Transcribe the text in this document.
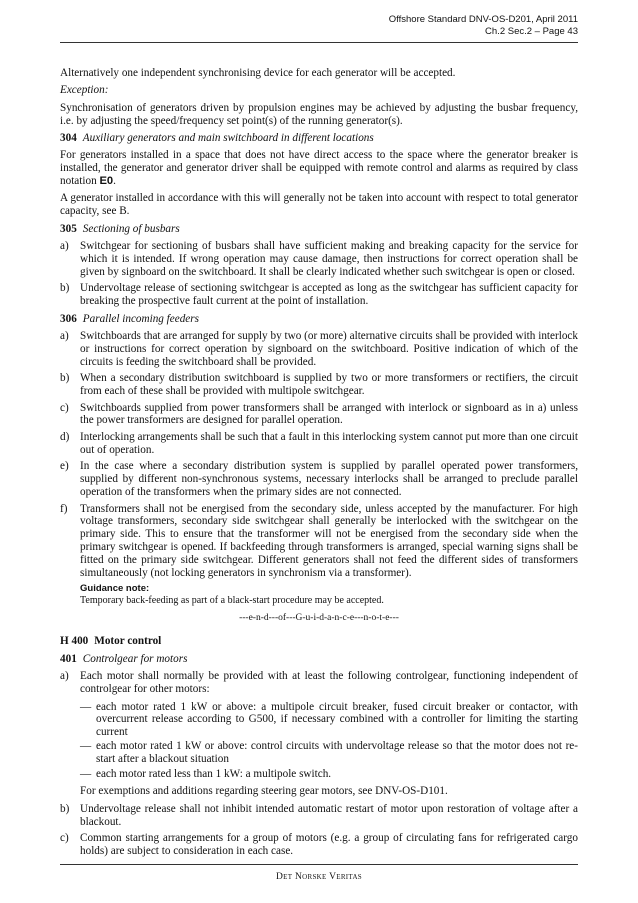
Offshore Standard DNV-OS-D201, April 2011
Ch.2 Sec.2 – Page 43

Alternatively one independent synchronising device for each generator will be accepted.

Exception:

Synchronisation of generators driven by propulsion engines may be achieved by adjusting the busbar frequency, i.e. by adjusting the speed/frequency set point(s) of the running generator(s).

304 Auxiliary generators and main switchboard in different locations

For generators installed in a space that does not have direct access to the space where the generator breaker is installed, the generator and generator driver shall be equipped with remote control and alarms as required by class notation E0.

A generator installed in accordance with this will generally not be taken into account with respect to total generator capacity, see B.

305 Sectioning of busbars
a) Switchgear for sectioning of busbars shall have sufficient making and breaking capacity for the service for which it is intended. If wrong operation may cause damage, then instructions for correct operation shall be given by signboard on the switchboard. It shall be clearly indicated whether such switchgear is open or closed.
b) Undervoltage release of sectioning switchgear is accepted as long as the switchgear has sufficient capacity for breaking the prospective fault current at the point of installation.
306 Parallel incoming feeders
a) Switchboards that are arranged for supply by two (or more) alternative circuits shall be provided with interlock or instructions for correct operation by signboard on the switchboard. Positive indication of which of the circuits is feeding the switchboard shall be provided.
b) When a secondary distribution switchboard is supplied by two or more transformers or rectifiers, the circuit from each of these shall be provided with multipole switchgear.
c) Switchboards supplied from power transformers shall be arranged with interlock or signboard as in a) unless the power transformers are designed for parallel operation.
d) Interlocking arrangements shall be such that a fault in this interlocking system cannot put more than one circuit out of operation.
e) In the case where a secondary distribution system is supplied by parallel operated power transformers, supplied by different non-synchronous systems, necessary interlocks shall be arranged to preclude parallel operation of the transformers when the primary sides are not connected.
f) Transformers shall not be energised from the secondary side, unless accepted by the manufacturer. For high voltage transformers, secondary side switchgear shall generally be interlocked with the switchgear on the primary side. This to ensure that the transformer will not be energised from the secondary side when the primary switchgear is opened. If backfeeding through transformers is arranged, special warning signs shall be fitted on the primary side switchgear. Different generators shall not feed the different sides of transformers simultaneously (not locking generators in synchronism via a transformer).
Guidance note:
Temporary back-feeding as part of a black-start procedure may be accepted.
---e-n-d---of---G-u-i-d-a-n-c-e---n-o-t-e---
H 400 Motor control
401 Controlgear for motors
a) Each motor shall normally be provided with at least the following controlgear, functioning independent of controlgear for other motors:
— each motor rated 1 kW or above: a multipole circuit breaker, fused circuit breaker or contactor, with overcurrent release according to G500, if necessary combined with a controller for limiting the starting current
— each motor rated 1 kW or above: control circuits with undervoltage release so that the motor does not re-start after a blackout situation
— each motor rated less than 1 kW: a multipole switch.

For exemptions and additions regarding steering gear motors, see DNV-OS-D101.

b) Undervoltage release shall not inhibit intended automatic restart of motor upon restoration of voltage after a blackout.
c) Common starting arrangements for a group of motors (e.g. a group of circulating fans for refrigerated cargo holds) are subject to consideration in each case.
Det Norske Veritas
